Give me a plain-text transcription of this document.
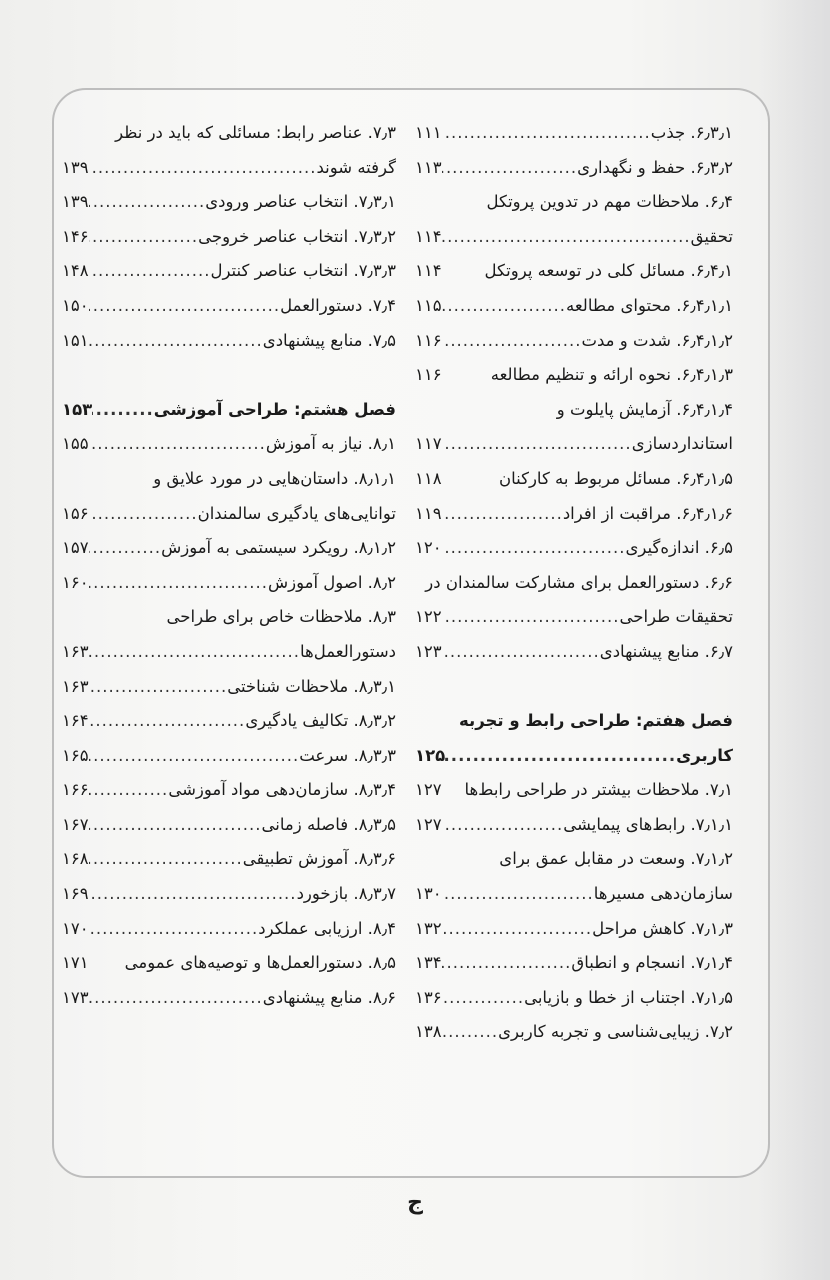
۶٫۳٫۱. جذب
.....
۱۱۱
۶٫۳٫۲. حفظ و نگهداری
.....
۱۱۳
۶٫۴. ملاحظات مهم در تدوین پروتکل
تحقیق
.....
۱۱۴
۶٫۴٫۱. مسائل کلی در توسعه پروتکل
۱۱۴
۶٫۴٫۱٫۱. محتوای مطالعه
.....
۱۱۵
۶٫۴٫۱٫۲. شدت و مدت
.....
۱۱۶
۶٫۴٫۱٫۳. نحوه ارائه و تنظیم مطالعه
۱۱۶
۶٫۴٫۱٫۴. آزمایش پایلوت و
استانداردسازی
.....
۱۱۷
۶٫۴٫۱٫۵. مسائل مربوط به کارکنان
۱۱۸
۶٫۴٫۱٫۶. مراقبت از افراد
.....
۱۱۹
۶٫۵. اندازه‌گیری
.....
۱۲۰
۶٫۶. دستورالعمل برای مشارکت سالمندان در
تحقیقات طراحی
.....
۱۲۲
۶٫۷. منابع پیشنهادی
.....
۱۲۳
فصل هفتم: طراحی رابط و تجربه
کاربری
.....
۱۲۵
۷٫۱. ملاحظات بیشتر در طراحی رابط‌ها
۱۲۷
۷٫۱٫۱. رابط‌های پیمایشی
.....
۱۲۷
۷٫۱٫۲. وسعت در مقابل عمق برای
سازمان‌دهی مسیرها
.....
۱۳۰
۷٫۱٫۳. کاهش مراحل
.....
۱۳۲
۷٫۱٫۴. انسجام و انطباق
.....
۱۳۴
۷٫۱٫۵. اجتناب از خطا و بازیابی
.....
۱۳۶
۷٫۲. زیبایی‌شناسی و تجربه کاربری
.....
۱۳۸
۷٫۳. عناصر رابط: مسائلی که باید در نظر
گرفته شوند
.....
۱۳۹
۷٫۳٫۱. انتخاب عناصر ورودی
.....
۱۳۹
۷٫۳٫۲. انتخاب عناصر خروجی
.....
۱۴۶
۷٫۳٫۳. انتخاب عناصر کنترل
.....
۱۴۸
۷٫۴. دستورالعمل
.....
۱۵۰
۷٫۵. منابع پیشنهادی
.....
۱۵۱
فصل هشتم: طراحی آموزشی
.....
۱۵۳
۸٫۱. نیاز به آموزش
.....
۱۵۵
۸٫۱٫۱. داستان‌هایی در مورد علایق و
توانایی‌های یادگیری سالمندان
.....
۱۵۶
۸٫۱٫۲. رویکرد سیستمی به آموزش
.....
۱۵۷
۸٫۲. اصول آموزش
.....
۱۶۰
۸٫۳. ملاحظات خاص برای طراحی
دستورالعمل‌ها
.....
۱۶۳
۸٫۳٫۱. ملاحظات شناختی
.....
۱۶۳
۸٫۳٫۲. تکالیف یادگیری
.....
۱۶۴
۸٫۳٫۳. سرعت
.....
۱۶۵
۸٫۳٫۴. سازمان‌دهی مواد آموزشی
.....
۱۶۶
۸٫۳٫۵. فاصله زمانی
.....
۱۶۷
۸٫۳٫۶. آموزش تطبیقی
.....
۱۶۸
۸٫۳٫۷. بازخورد
.....
۱۶۹
۸٫۴. ارزیابی عملکرد
.....
۱۷۰
۸٫۵. دستورالعمل‌ها و توصیه‌های عمومی
۱۷۱
۸٫۶. منابع پیشنهادی
.....
۱۷۳
ج
